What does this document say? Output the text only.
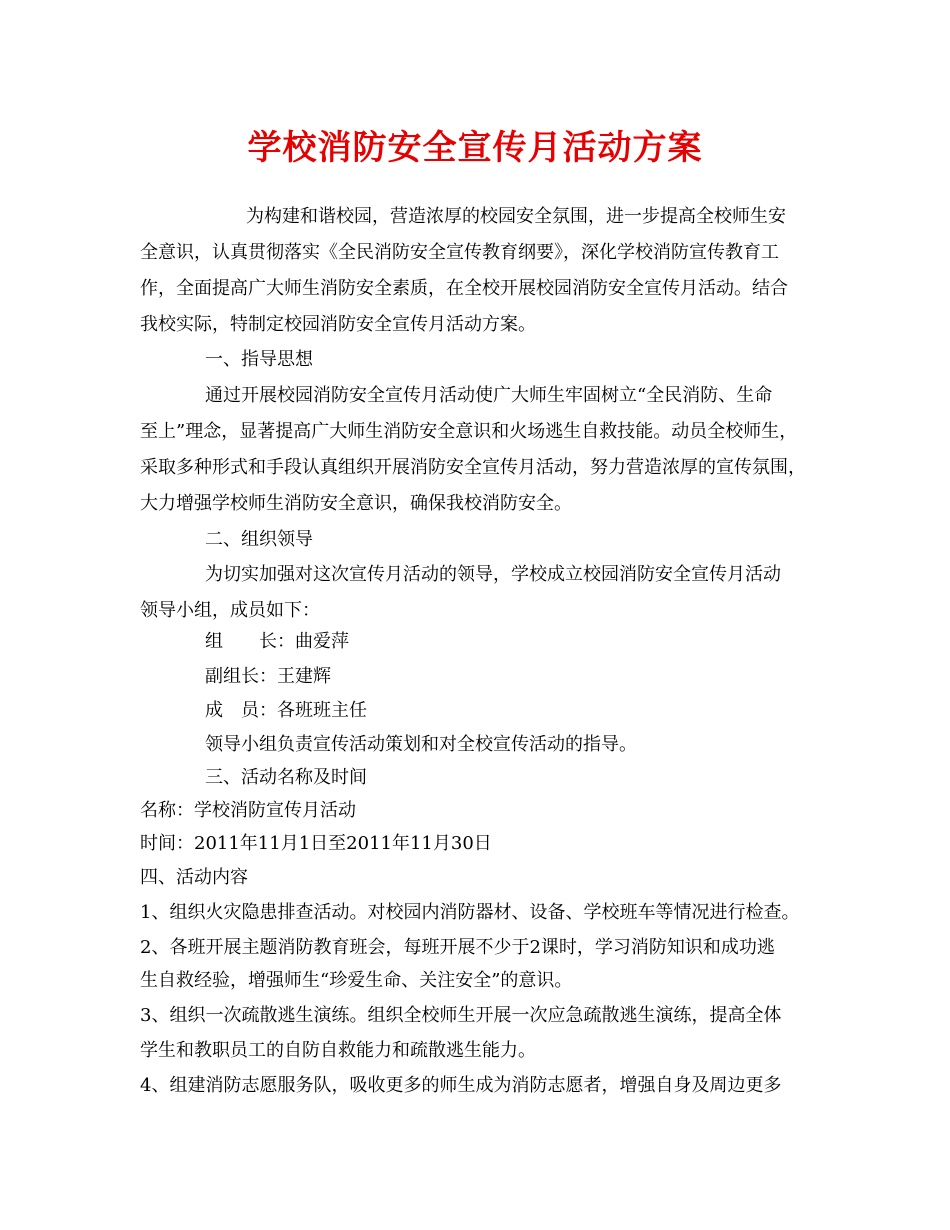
学校消防安全宣传月活动方案
为构建和谐校园，营造浓厚的校园安全氛围，进一步提高全校师生安
全意识，认真贯彻落实《全民消防安全宣传教育纲要》，深化学校消防宣传教育工
作，全面提高广大师生消防安全素质，在全校开展校园消防安全宣传月活动。结合
我校实际，特制定校园消防安全宣传月活动方案。
一、指导思想
通过开展校园消防安全宣传月活动使广大师生牢固树立“全民消防、生命
至上”理念，显著提高广大师生消防安全意识和火场逃生自救技能。动员全校师生，
采取多种形式和手段认真组织开展消防安全宣传月活动，努力营造浓厚的宣传氛围，
大力增强学校师生消防安全意识，确保我校消防安全。
二、组织领导
为切实加强对这次宣传月活动的领导，学校成立校园消防安全宣传月活动
领导小组，成员如下：
组　　长：曲爱萍
副组长：王建辉
成　员：各班班主任
领导小组负责宣传活动策划和对全校宣传活动的指导。
三、活动名称及时间
名称：学校消防宣传月活动
时间：2011年11月1日至2011年11月30日
四、活动内容
1、组织火灾隐患排查活动。对校园内消防器材、设备、学校班车等情况进行检查。
2、各班开展主题消防教育班会，每班开展不少于2课时，学习消防知识和成功逃
生自救经验，增强师生“珍爱生命、关注安全”的意识。
3、组织一次疏散逃生演练。组织全校师生开展一次应急疏散逃生演练，提高全体
学生和教职员工的自防自救能力和疏散逃生能力。
4、组建消防志愿服务队，吸收更多的师生成为消防志愿者，增强自身及周边更多
